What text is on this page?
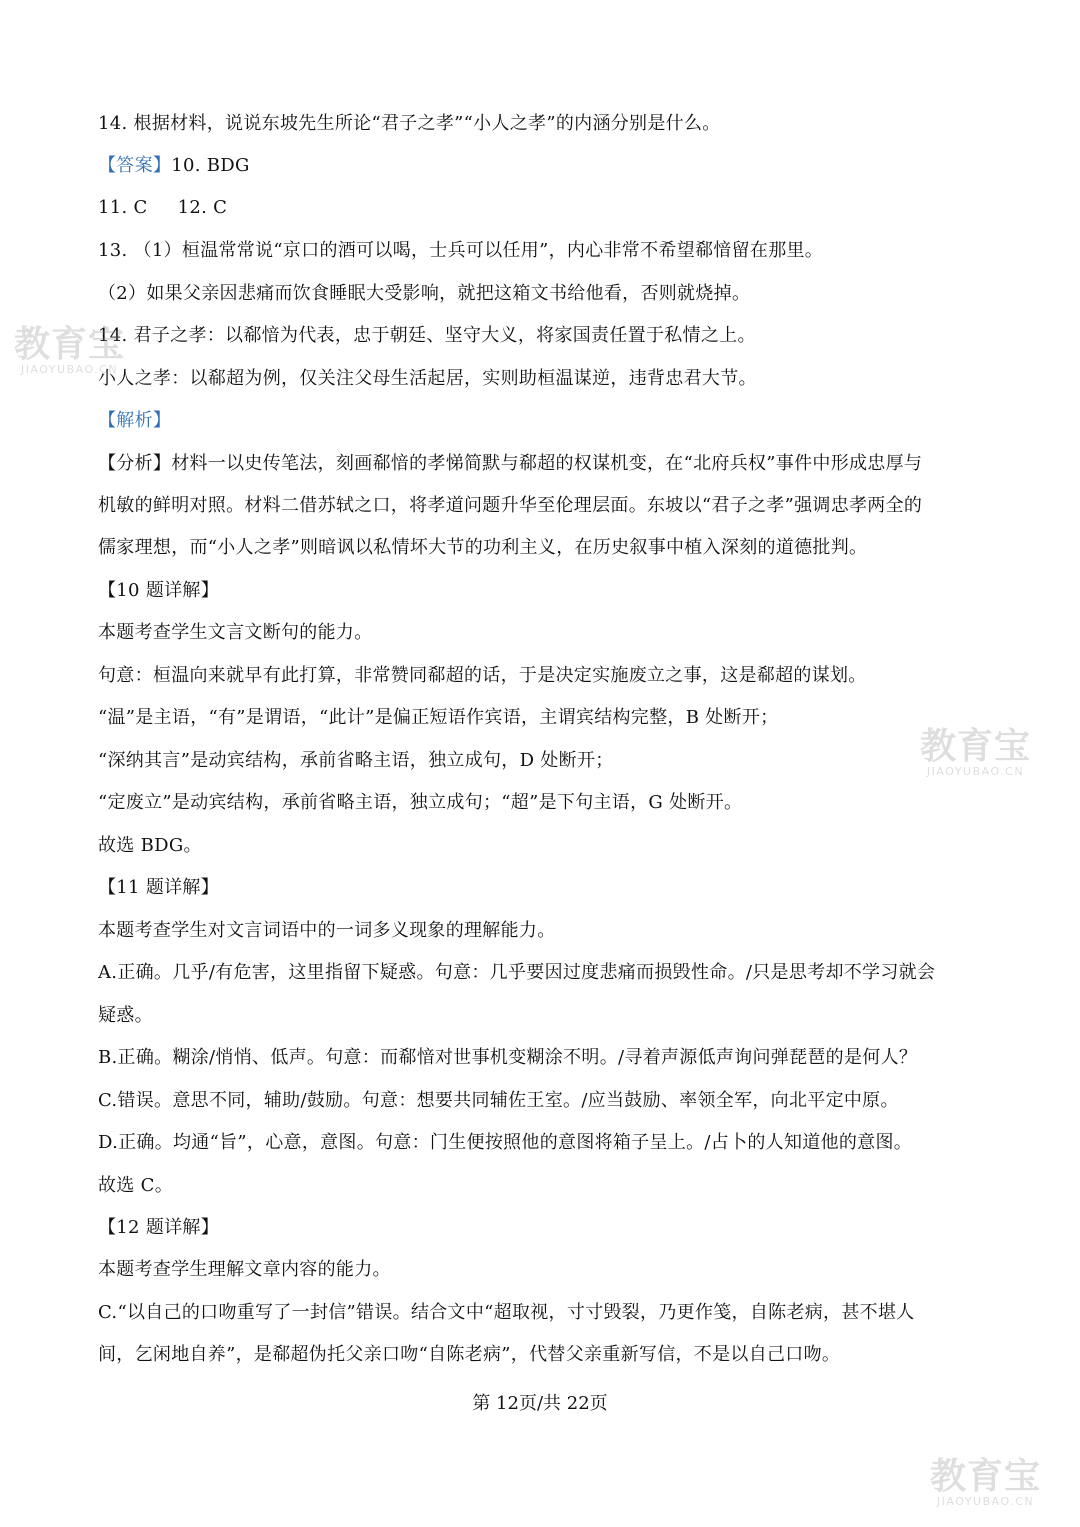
14. 根据材料，说说东坡先生所论“君子之孝”“小人之孝”的内涵分别是什么。
【答案】10. BDG
11. C 12. C
13. （1）桓温常常说“京口的酒可以喝，士兵可以任用”，内心非常不希望郗愔留在那里。
（2）如果父亲因悲痛而饮食睡眠大受影响，就把这箱文书给他看，否则就烧掉。
14. 君子之孝：以郗愔为代表，忠于朝廷、坚守大义，将家国责任置于私情之上。
小人之孝：以郗超为例，仅关注父母生活起居，实则助桓温谋逆，违背忠君大节。
【解析】
【分析】材料一以史传笔法，刻画郗愔的孝悌简默与郗超的权谋机变，在“北府兵权”事件中形成忠厚与
机敏的鲜明对照。材料二借苏轼之口，将孝道问题升华至伦理层面。东坡以“君子之孝”强调忠孝两全的
儒家理想，而“小人之孝”则暗讽以私情坏大节的功利主义，在历史叙事中植入深刻的道德批判。
【10 题详解】
本题考查学生文言文断句的能力。
句意：桓温向来就早有此打算，非常赞同郗超的话，于是决定实施废立之事，这是郗超的谋划。
“温”是主语，“有”是谓语，“此计”是偏正短语作宾语，主谓宾结构完整，B 处断开；
“深纳其言”是动宾结构，承前省略主语，独立成句，D 处断开；
“定废立”是动宾结构，承前省略主语，独立成句；“超”是下句主语，G 处断开。
故选 BDG。
【11 题详解】
本题考查学生对文言词语中的一词多义现象的理解能力。
A.正确。几乎/有危害，这里指留下疑惑。句意：几乎要因过度悲痛而损毁性命。/只是思考却不学习就会
疑惑。
B.正确。糊涂/悄悄、低声。句意：而郗愔对世事机变糊涂不明。/寻着声源低声询问弹琵琶的是何人？
C.错误。意思不同，辅助/鼓励。句意：想要共同辅佐王室。/应当鼓励、率领全军，向北平定中原。
D.正确。均通“旨”，心意，意图。句意：门生便按照他的意图将箱子呈上。/占卜的人知道他的意图。
故选 C。
【12 题详解】
本题考查学生理解文章内容的能力。
C.“以自己的口吻重写了一封信”错误。结合文中“超取视，寸寸毁裂，乃更作笺，自陈老病，甚不堪人
间，乞闲地自养”，是郗超伪托父亲口吻“自陈老病”，代替父亲重新写信，不是以自己口吻。
第 12页/共 22页
教育宝
JIAOYUBAO.CN
教育宝
JIAOYUBAO.CN
教育宝
JIAOYUBAO.CN
